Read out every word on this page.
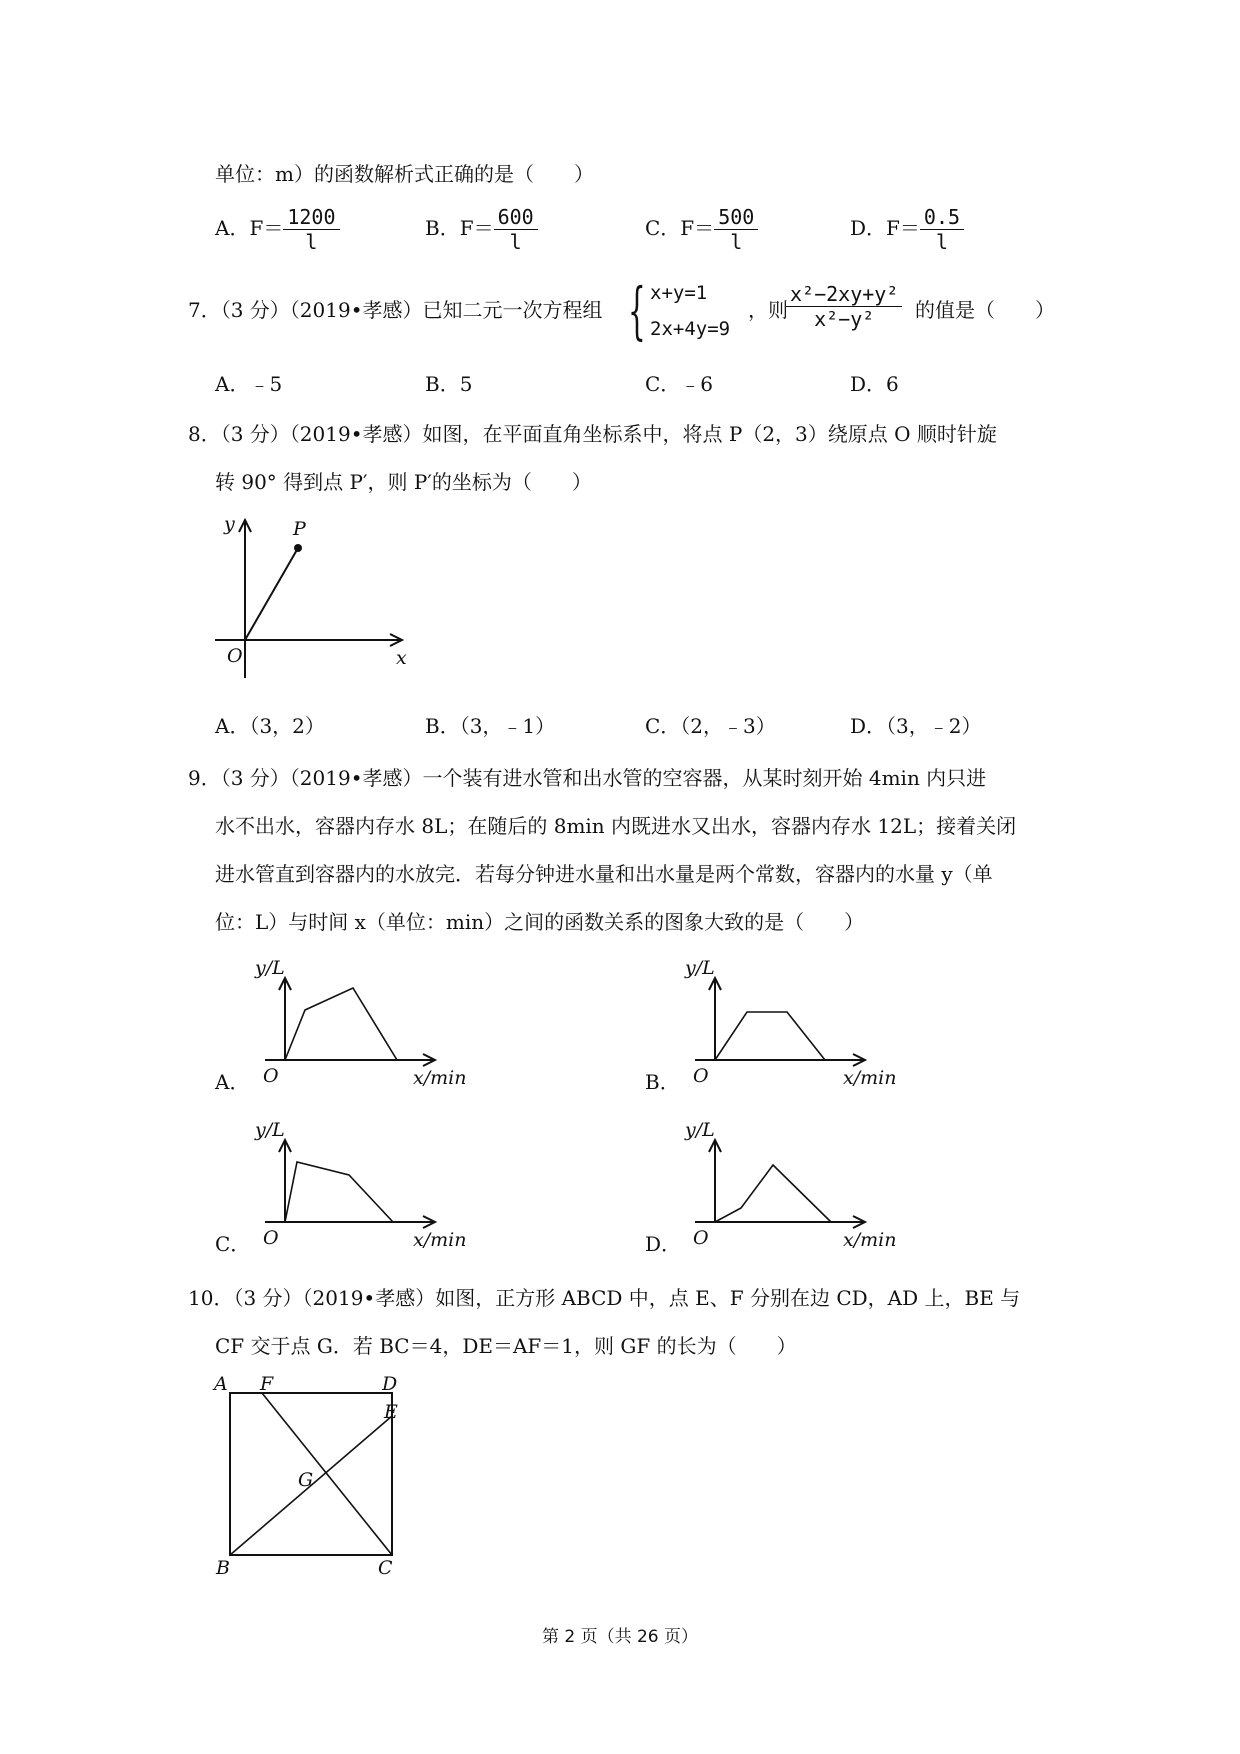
单位：m）的函数解析式正确的是（　　）
A．$F= \frac{1200}{l}$	B．$F= \frac{600}{l}$	C．$F= \frac{500}{l}$	D．$F= \frac{0.5}{l}$
7．（3 分）（2019•孝感）已知二元一次方程组 { x+y=1
2x+4y=9
，则
$\frac{\text{x²−2xy+y²}}{\text{x²−y²}}$ 的值是（　　）
A．﹣5	B．5	C．﹣6	D．6
8．（3 分）（2019•孝感）如图，在平面直角坐标系中，将点 P（2，3）绕原点 O 顺时针旋
转 90° 得到点 P′，则 P′的坐标为（　　）
y	P
O	x
A．（3，2）	B．（3，﹣1）	C．（2，﹣3）	D．（3，﹣2）
9．（3 分）（2019•孝感）一个装有进水管和出水管的空容器，从某时刻开始 4min 内只进
水不出水，容器内存水 8L；在随后的 8min 内既进水又出水，容器内存水 12L；接着关闭
进水管直到容器内的水放完．若每分钟进水量和出水量是两个常数，容器内的水量 y（单
位：L）与时间 x（单位：min）之间的函数关系的图象大致的是（　　）
A．
y/L
O	x/min	B．
y/L
O	x/min
C．
y/L
O	x/min	D．
y/L
O	x/min
10．（3 分）（2019•孝感）如图，正方形 ABCD 中，点 E、F 分别在边 CD，AD 上，BE 与
CF 交于点 G．若 BC＝4，DE＝AF＝1，则 GF 的长为（　　）
A F	D
E
G
B	C
第 2 页（共 26 页）
